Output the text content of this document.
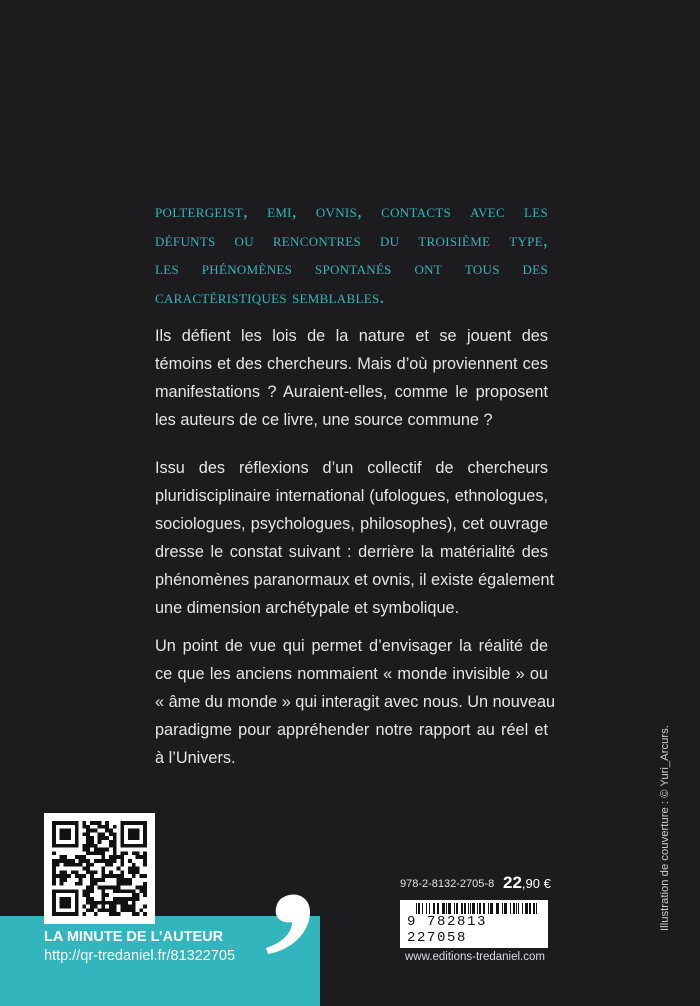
poltergeist, emi, ovnis, contacts avec les
défunts ou rencontres du troisième type,
les phénomènes spontanés ont tous des
caractéristiques semblables.
Ils défient les lois de la nature et se jouent des
témoins et des chercheurs. Mais d’où proviennent ces
manifestations ? Auraient-elles, comme le proposent
les auteurs de ce livre, une source commune ?
Issu des réflexions d’un collectif de chercheurs
pluridisciplinaire international (ufologues, ethnologues,
sociologues, psychologues, philosophes), cet ouvrage
dresse le constat suivant : derrière la matérialité des
phénomènes paranormaux et ovnis, il existe également
une dimension archétypale et symbolique.
Un point de vue qui permet d’envisager la réalité de
ce que les anciens nommaient « monde invisible » ou
« âme du monde » qui interagit avec nous. Un nouveau
paradigme pour appréhender notre rapport au réel et
à l’Univers.
LA MINUTE DE L’AUTEUR
http://qr-tredaniel.fr/81322705
978-2-8132-2705-8 22,90 €
9 782813 227058
www.editions-tredaniel.com
Illustration de couverture : © Yuri_Arcurs.
